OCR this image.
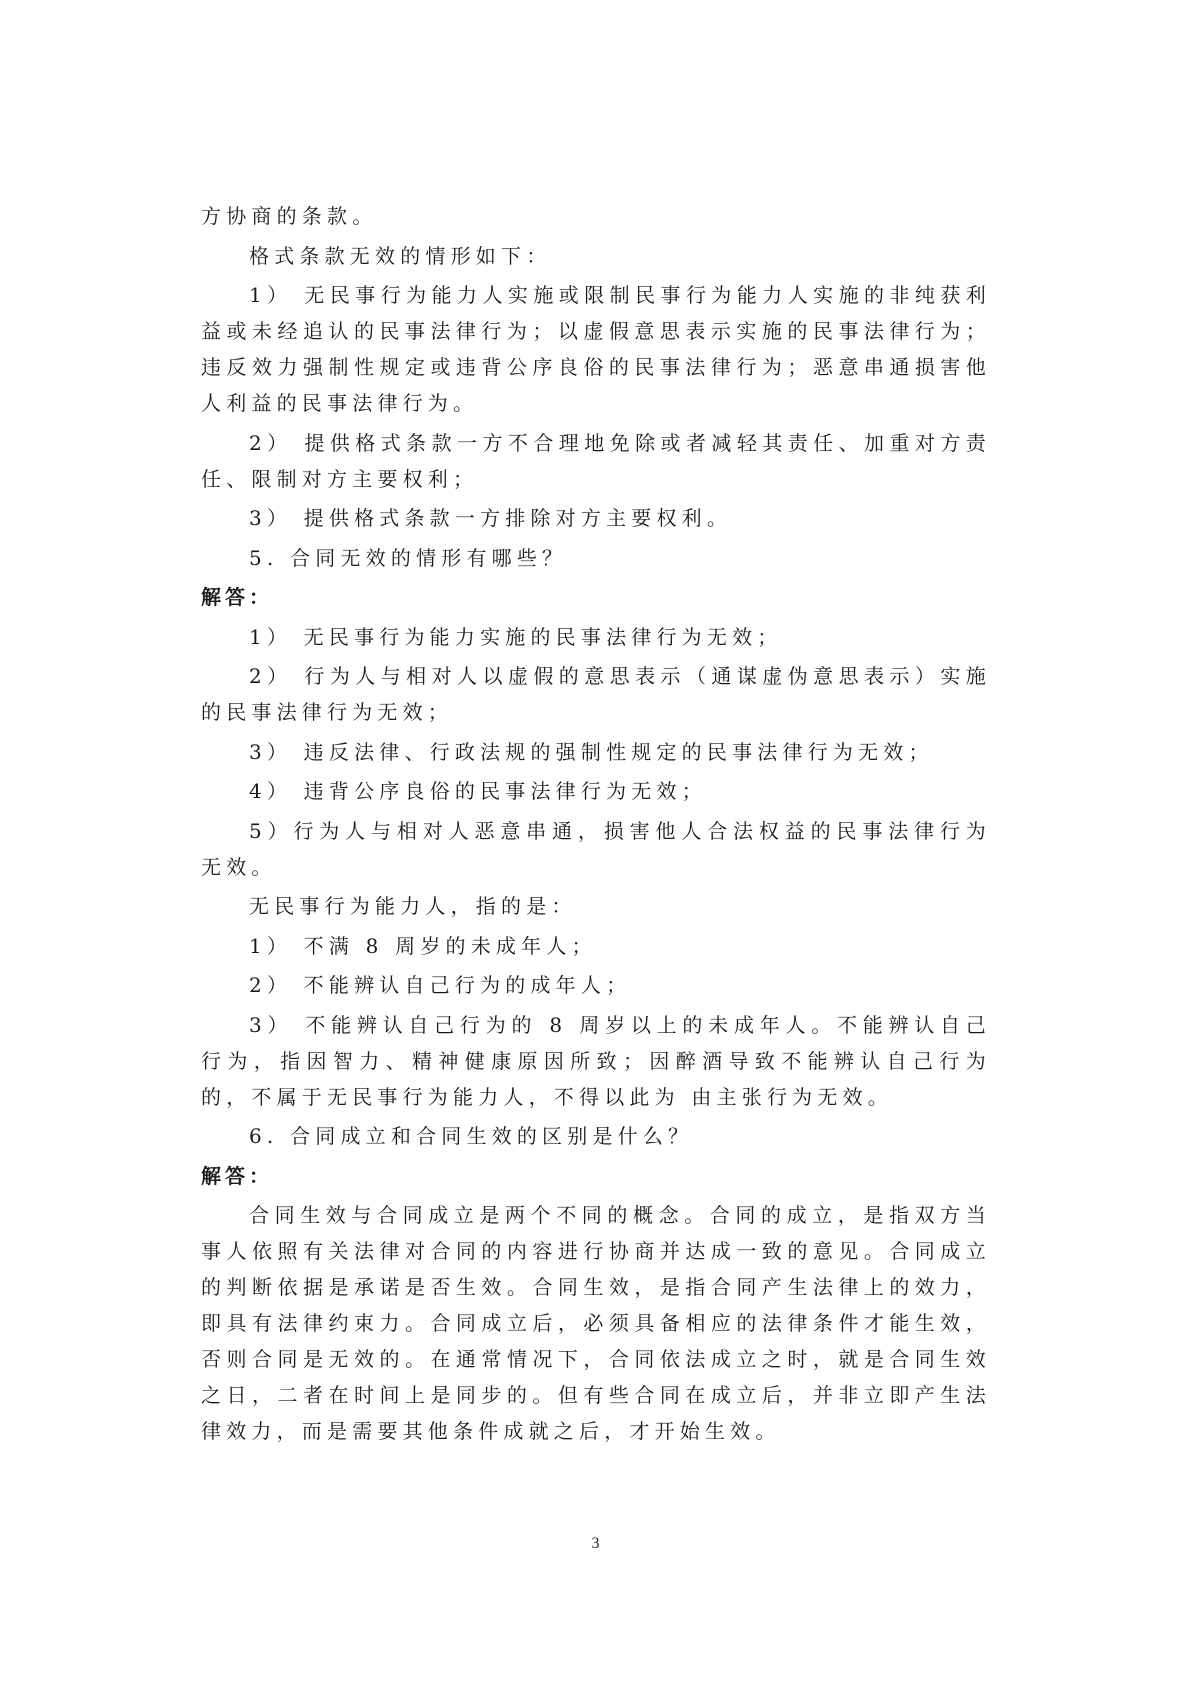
方协商的条款。

格式条款无效的情形如下：

1） 无民事行为能力人实施或限制民事行为能力人实施的非纯获利益或未经追认的民事法律行为；以虚假意思表示实施的民事法律行为；违反效力强制性规定或违背公序良俗的民事法律行为；恶意串通损害他人利益的民事法律行为。

2） 提供格式条款一方不合理地免除或者减轻其责任、加重对方责任、限制对方主要权利；

3） 提供格式条款一方排除对方主要权利。

5. 合同无效的情形有哪些？

解答：

1） 无民事行为能力实施的民事法律行为无效；

2） 行为人与相对人以虚假的意思表示（通谋虚伪意思表示）实施的民事法律行为无效；

3） 违反法律、行政法规的强制性规定的民事法律行为无效；

4） 违背公序良俗的民事法律行为无效；

5）行为人与相对人恶意串通，损害他人合法权益的民事法律行为无效。

无民事行为能力人，指的是：

1） 不满 8 周岁的未成年人；

2） 不能辨认自己行为的成年人；

3） 不能辨认自己行为的 8 周岁以上的未成年人。不能辨认自己行为，指因智力、精神健康原因所致；因醉酒导致不能辨认自己行为的，不属于无民事行为能力人，不得以此为 由主张行为无效。

6. 合同成立和合同生效的区别是什么？

解答：

合同生效与合同成立是两个不同的概念。合同的成立，是指双方当事人依照有关法律对合同的内容进行协商并达成一致的意见。合同成立的判断依据是承诺是否生效。合同生效，是指合同产生法律上的效力，即具有法律约束力。合同成立后，必须具备相应的法律条件才能生效，否则合同是无效的。在通常情况下，合同依法成立之时，就是合同生效之日，二者在时间上是同步的。但有些合同在成立后，并非立即产生法律效力，而是需要其他条件成就之后，才开始生效。

3
